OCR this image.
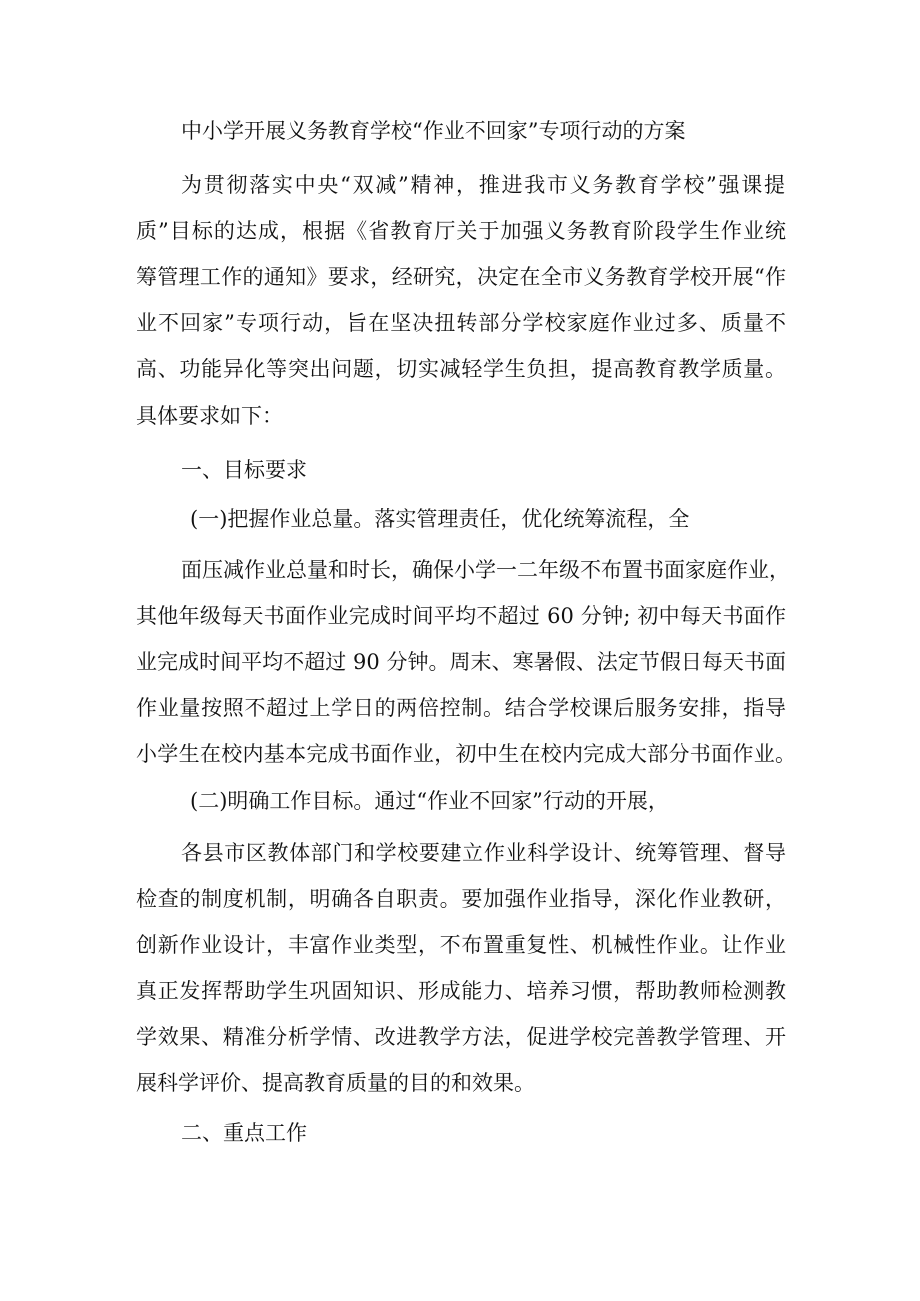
中小学开展义务教育学校“作业不回家”专项行动的方案

为贯彻落实中央“双减”精神，推进我市义务教育学校”强课提

质”目标的达成，根据《省教育厅关于加强义务教育阶段学生作业统

筹管理工作的通知》要求，经研究，决定在全市义务教育学校开展“作

业不回家”专项行动，旨在坚决扭转部分学校家庭作业过多、质量不

高、功能异化等突出问题，切实减轻学生负担，提高教育教学质量。

具体要求如下：

一、目标要求

(一)把握作业总量。落实管理责任，优化统筹流程，全

面压减作业总量和时长，确保小学一二年级不布置书面家庭作业，

其他年级每天书面作业完成时间平均不超过 60 分钟; 初中每天书面作

业完成时间平均不超过 90 分钟。周末、寒暑假、法定节假日每天书面

作业量按照不超过上学日的两倍控制。结合学校课后服务安排，指导

小学生在校内基本完成书面作业，初中生在校内完成大部分书面作业。

(二)明确工作目标。通过“作业不回家”行动的开展，

各县市区教体部门和学校要建立作业科学设计、统筹管理、督导

检查的制度机制，明确各自职责。要加强作业指导，深化作业教研，

创新作业设计，丰富作业类型，不布置重复性、机械性作业。让作业

真正发挥帮助学生巩固知识、形成能力、培养习惯，帮助教师检测教

学效果、精准分析学情、改进教学方法，促进学校完善教学管理、开

展科学评价、提高教育质量的目的和效果。

二、重点工作
